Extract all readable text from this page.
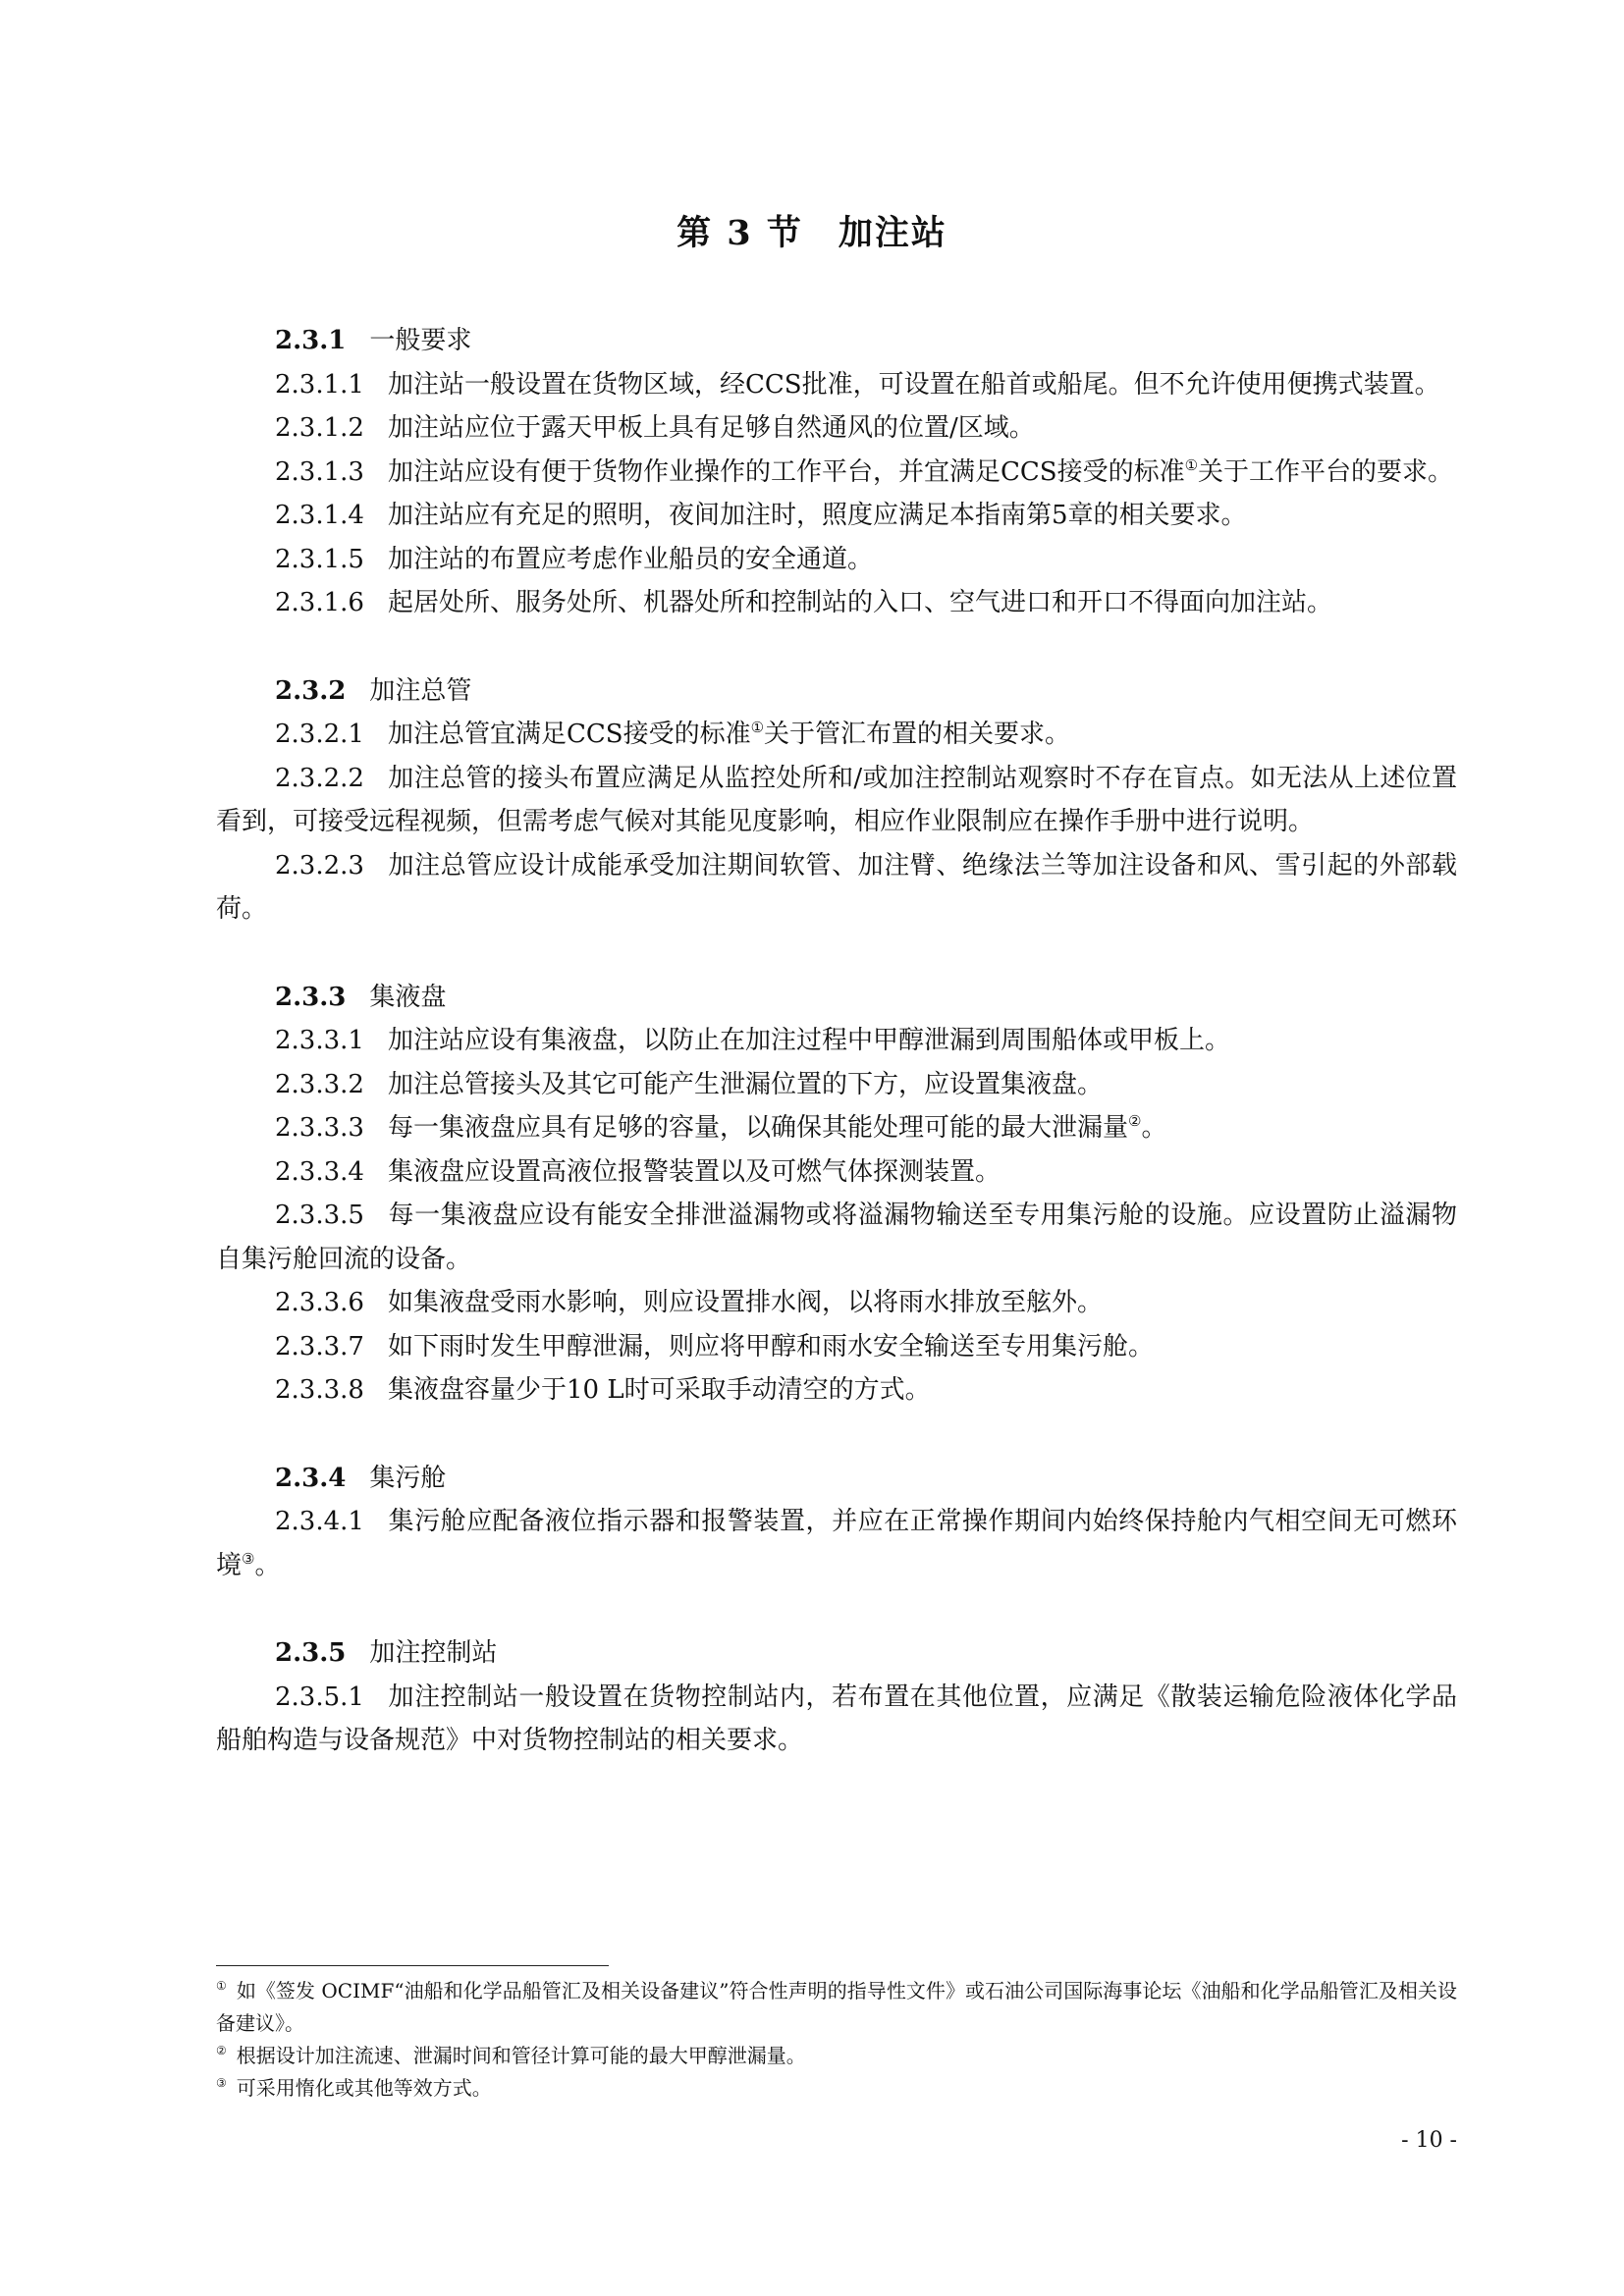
第 3 节 加注站
2.3.1 一般要求

2.3.1.1 加注站一般设置在货物区域，经CCS批准，可设置在船首或船尾。但不允许使用便携式装置。

2.3.1.2 加注站应位于露天甲板上具有足够自然通风的位置/区域。

2.3.1.3 加注站应设有便于货物作业操作的工作平台，并宜满足CCS接受的标准①关于工作平台的要求。

2.3.1.4 加注站应有充足的照明，夜间加注时，照度应满足本指南第5章的相关要求。

2.3.1.5 加注站的布置应考虑作业船员的安全通道。

2.3.1.6 起居处所、服务处所、机器处所和控制站的入口、空气进口和开口不得面向加注站。

2.3.2 加注总管

2.3.2.1 加注总管宜满足CCS接受的标准①关于管汇布置的相关要求。

2.3.2.2 加注总管的接头布置应满足从监控处所和/或加注控制站观察时不存在盲点。如无法从上述位置看到，可接受远程视频，但需考虑气候对其能见度影响，相应作业限制应在操作手册中进行说明。

2.3.2.3 加注总管应设计成能承受加注期间软管、加注臂、绝缘法兰等加注设备和风、雪引起的外部载荷。

2.3.3 集液盘

2.3.3.1 加注站应设有集液盘，以防止在加注过程中甲醇泄漏到周围船体或甲板上。

2.3.3.2 加注总管接头及其它可能产生泄漏位置的下方，应设置集液盘。

2.3.3.3 每一集液盘应具有足够的容量，以确保其能处理可能的最大泄漏量②。

2.3.3.4 集液盘应设置高液位报警装置以及可燃气体探测装置。

2.3.3.5 每一集液盘应设有能安全排泄溢漏物或将溢漏物输送至专用集污舱的设施。应设置防止溢漏物自集污舱回流的设备。

2.3.3.6 如集液盘受雨水影响，则应设置排水阀，以将雨水排放至舷外。

2.3.3.7 如下雨时发生甲醇泄漏，则应将甲醇和雨水安全输送至专用集污舱。

2.3.3.8 集液盘容量少于10 L时可采取手动清空的方式。

2.3.4 集污舱

2.3.4.1 集污舱应配备液位指示器和报警装置，并应在正常操作期间内始终保持舱内气相空间无可燃环境③。

2.3.5 加注控制站

2.3.5.1 加注控制站一般设置在货物控制站内，若布置在其他位置，应满足《散装运输危险液体化学品船舶构造与设备规范》中对货物控制站的相关要求。

① 如《签发 OCIMF“油船和化学品船管汇及相关设备建议”符合性声明的指导性文件》或石油公司国际海事论坛《油船和化学品船管汇及相关设备建议》。

② 根据设计加注流速、泄漏时间和管径计算可能的最大甲醇泄漏量。

③ 可采用惰化或其他等效方式。

- 10 -
